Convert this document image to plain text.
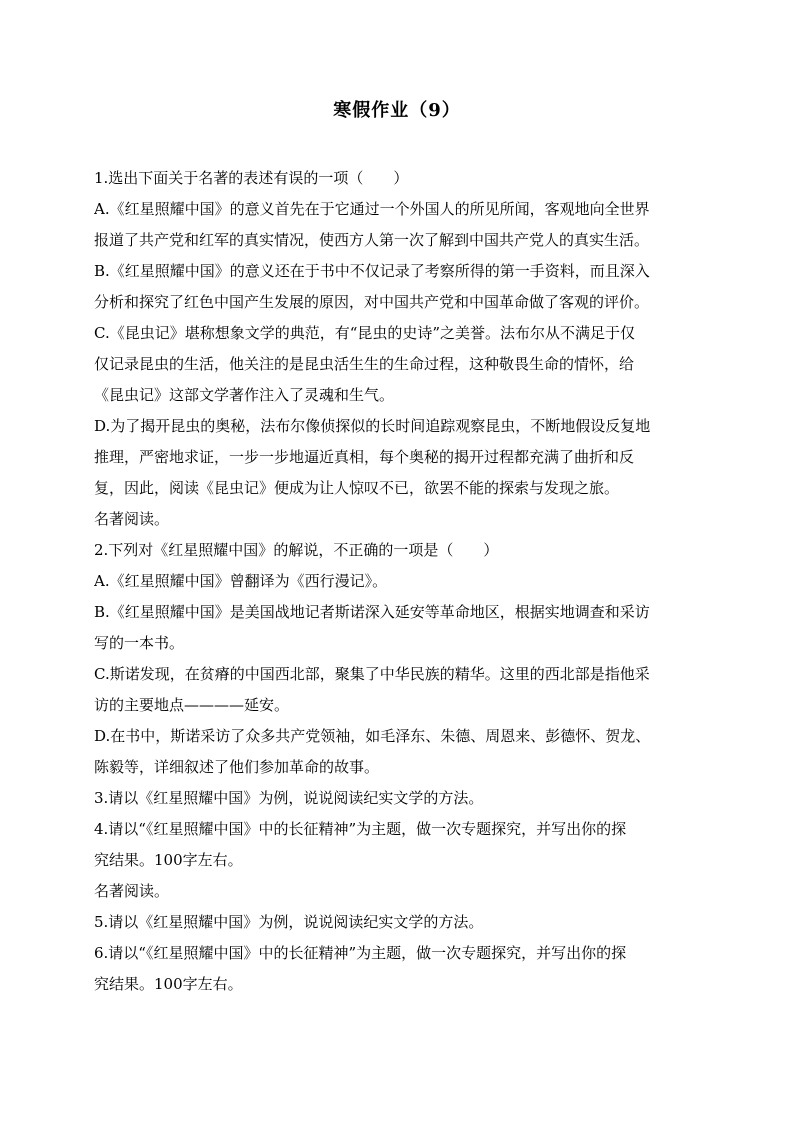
寒假作业（9）
1.选出下面关于名著的表述有误的一项（　　）
A.《红星照耀中国》的意义首先在于它通过一个外国人的所见所闻，客观地向全世界
报道了共产党和红军的真实情况，使西方人第一次了解到中国共产党人的真实生活。
B.《红星照耀中国》的意义还在于书中不仅记录了考察所得的第一手资料，而且深入
分析和探究了红色中国产生发展的原因，对中国共产党和中国革命做了客观的评价。
C.《昆虫记》堪称想象文学的典范，有“昆虫的史诗”之美誉。法布尔从不满足于仅
仅记录昆虫的生活，他关注的是昆虫活生生的生命过程，这种敬畏生命的情怀，给
《昆虫记》这部文学著作注入了灵魂和生气。
D.为了揭开昆虫的奥秘，法布尔像侦探似的长时间追踪观察昆虫，不断地假设反复地
推理，严密地求证，一步一步地逼近真相，每个奥秘的揭开过程都充满了曲折和反
复，因此，阅读《昆虫记》便成为让人惊叹不已，欲罢不能的探索与发现之旅。
名著阅读。
2.下列对《红星照耀中国》的解说，不正确的一项是（　　）
A.《红星照耀中国》曾翻译为《西行漫记》。
B.《红星照耀中国》是美国战地记者斯诺深入延安等革命地区，根据实地调查和采访
写的一本书。
C.斯诺发现，在贫瘠的中国西北部，聚集了中华民族的精华。这里的西北部是指他采
访的主要地点————延安。
D.在书中，斯诺采访了众多共产党领袖，如毛泽东、朱德、周恩来、彭德怀、贺龙、
陈毅等，详细叙述了他们参加革命的故事。
3.请以《红星照耀中国》为例，说说阅读纪实文学的方法。
4.请以“《红星照耀中国》中的长征精神”为主题，做一次专题探究，并写出你的探
究结果。100字左右。
名著阅读。
5.请以《红星照耀中国》为例，说说阅读纪实文学的方法。
6.请以“《红星照耀中国》中的长征精神”为主题，做一次专题探究，并写出你的探
究结果。100字左右。
